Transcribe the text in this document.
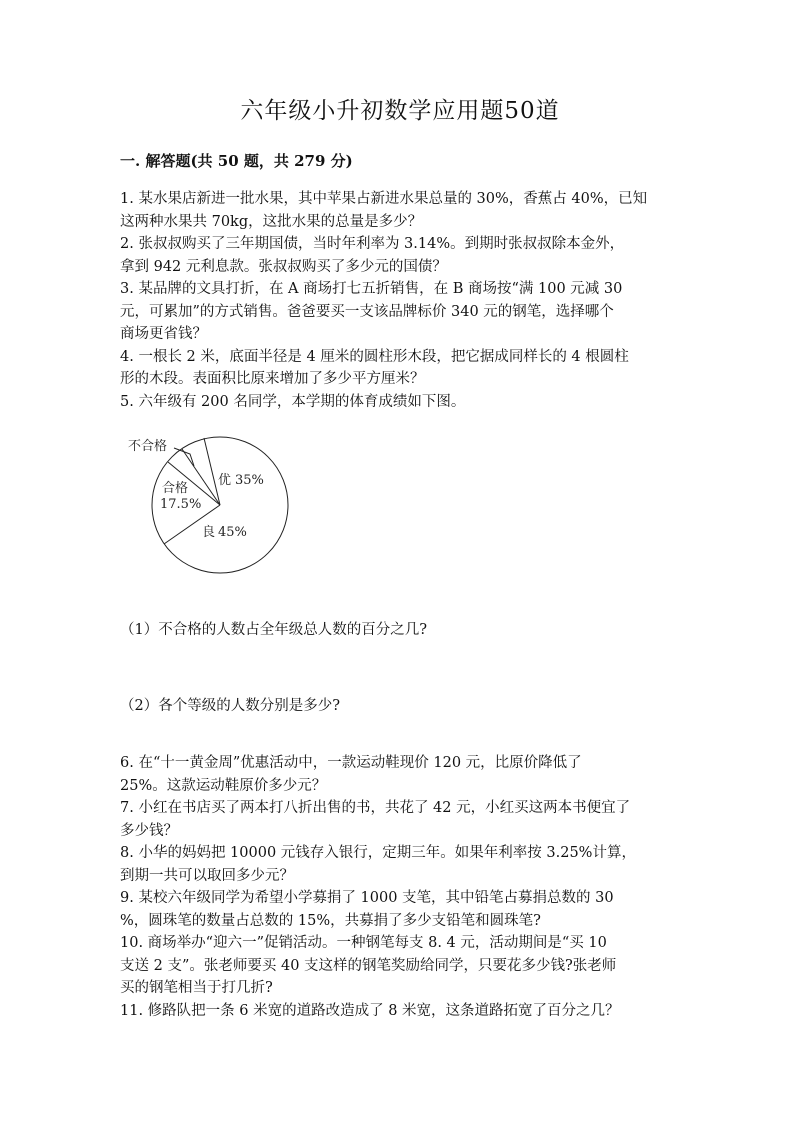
六年级小升初数学应用题50道
一. 解答题(共 50 题，共 279 分)
1. 某水果店新进一批水果，其中苹果占新进水果总量的 30%，香蕉占 40%，已知
这两种水果共 70kg，这批水果的总量是多少？
2. 张叔叔购买了三年期国债，当时年利率为 3.14%。到期时张叔叔除本金外，
拿到 942 元利息款。张叔叔购买了多少元的国债？
3. 某品牌的文具打折，在 A 商场打七五折销售，在 B 商场按“满 100 元减 30
元，可累加”的方式销售。爸爸要买一支该品牌标价 340 元的钢笔，选择哪个
商场更省钱？
4. 一根长 2 米，底面半径是 4 厘米的圆柱形木段，把它据成同样长的 4 根圆柱
形的木段。表面积比原来增加了多少平方厘米？
5. 六年级有 200 名同学，本学期的体育成绩如下图。
不合格
优 35%
合格
17.5%
良 45%
（1）不合格的人数占全年级总人数的百分之几?
（2）各个等级的人数分别是多少?
6. 在“十一黄金周”优惠活动中，一款运动鞋现价 120 元，比原价降低了
25%。这款运动鞋原价多少元？
7. 小红在书店买了两本打八折出售的书，共花了 42 元，小红买这两本书便宜了
多少钱？
8. 小华的妈妈把 10000 元钱存入银行，定期三年。如果年利率按 3.25%计算，
到期一共可以取回多少元？
9. 某校六年级同学为希望小学募捐了 1000 支笔，其中铅笔占募捐总数的 30
%，圆珠笔的数量占总数的 15%，共募捐了多少支铅笔和圆珠笔?
10. 商场举办“迎六一”促销活动。一种钢笔每支 8. 4 元，活动期间是“买 10
支送 2 支”。张老师要买 40 支这样的钢笔奖励给同学，只要花多少钱?张老师
买的钢笔相当于打几折?
11. 修路队把一条 6 米宽的道路改造成了 8 米宽，这条道路拓宽了百分之几？
